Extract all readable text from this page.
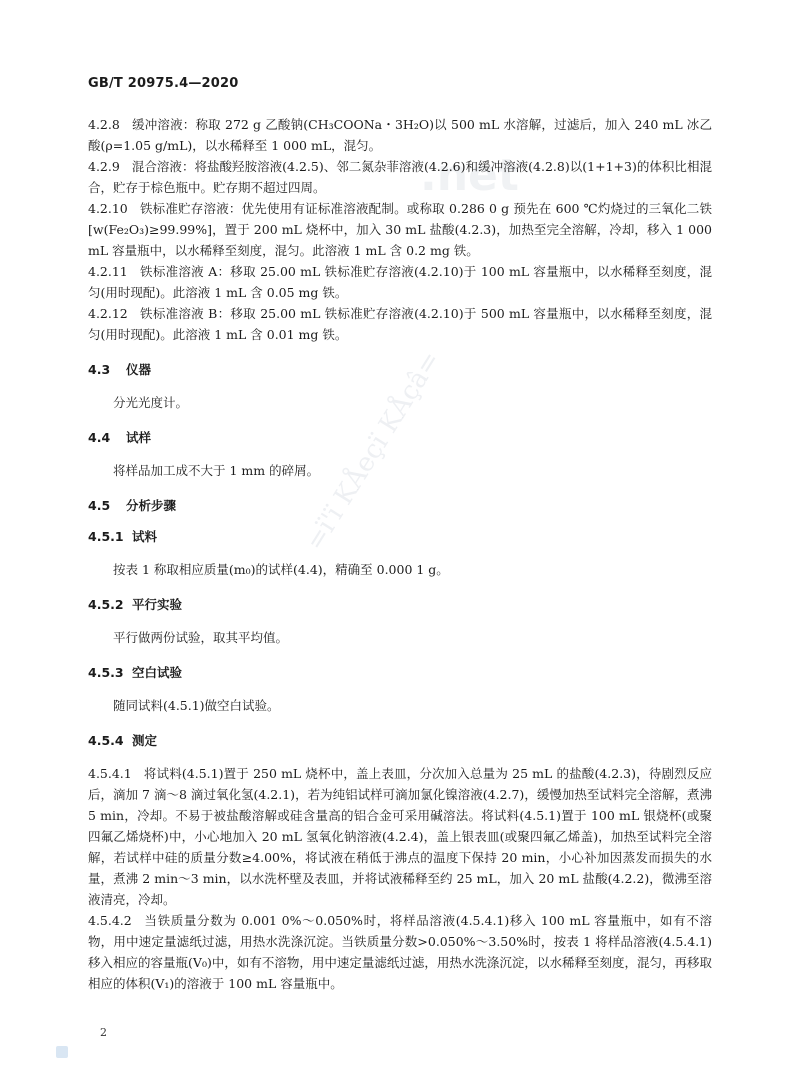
.net
=ï'ï KÅeçï KÅçâ=
GB/T 20975.4—2020

4.2.8 缓冲溶液：称取 272 g 乙酸钠(CH₃COONa・3H₂O)以 500 mL 水溶解，过滤后，加入 240 mL 冰乙酸(ρ=1.05 g/mL)，以水稀释至 1 000 mL，混匀。

4.2.9 混合溶液：将盐酸羟胺溶液(4.2.5)、邻二氮杂菲溶液(4.2.6)和缓冲溶液(4.2.8)以(1+1+3)的体积比相混合，贮存于棕色瓶中。贮存期不超过四周。

4.2.10 铁标准贮存溶液：优先使用有证标准溶液配制。或称取 0.286 0 g 预先在 600 ℃灼烧过的三氧化二铁[w(Fe₂O₃)≥99.99%]，置于 200 mL 烧杯中，加入 30 mL 盐酸(4.2.3)，加热至完全溶解，冷却，移入 1 000 mL 容量瓶中，以水稀释至刻度，混匀。此溶液 1 mL 含 0.2 mg 铁。

4.2.11 铁标准溶液 A：移取 25.00 mL 铁标准贮存溶液(4.2.10)于 100 mL 容量瓶中，以水稀释至刻度，混匀(用时现配)。此溶液 1 mL 含 0.05 mg 铁。

4.2.12 铁标准溶液 B：移取 25.00 mL 铁标准贮存溶液(4.2.10)于 500 mL 容量瓶中，以水稀释至刻度，混匀(用时现配)。此溶液 1 mL 含 0.01 mg 铁。

4.3 仪器

分光光度计。

4.4 试样

将样品加工成不大于 1 mm 的碎屑。

4.5 分析步骤

4.5.1 试料

按表 1 称取相应质量(m₀)的试样(4.4)，精确至 0.000 1 g。

4.5.2 平行实验

平行做两份试验，取其平均值。

4.5.3 空白试验

随同试料(4.5.1)做空白试验。

4.5.4 测定

4.5.4.1 将试料(4.5.1)置于 250 mL 烧杯中，盖上表皿，分次加入总量为 25 mL 的盐酸(4.2.3)，待剧烈反应后，滴加 7 滴～8 滴过氧化氢(4.2.1)，若为纯铝试样可滴加氯化镍溶液(4.2.7)，缓慢加热至试料完全溶解，煮沸 5 min，冷却。不易于被盐酸溶解或硅含量高的铝合金可采用碱溶法。将试料(4.5.1)置于 100 mL 银烧杯(或聚四氟乙烯烧杯)中，小心地加入 20 mL 氢氧化钠溶液(4.2.4)，盖上银表皿(或聚四氟乙烯盖)，加热至试料完全溶解，若试样中硅的质量分数≥4.00%，将试液在稍低于沸点的温度下保持 20 min，小心补加因蒸发而损失的水量，煮沸 2 min～3 min，以水洗杯壁及表皿，并将试液稀释至约 25 mL，加入 20 mL 盐酸(4.2.2)，微沸至溶液清亮，冷却。

4.5.4.2 当铁质量分数为 0.001 0%～0.050%时，将样品溶液(4.5.4.1)移入 100 mL 容量瓶中，如有不溶物，用中速定量滤纸过滤，用热水洗涤沉淀。当铁质量分数>0.050%～3.50%时，按表 1 将样品溶液(4.5.4.1)移入相应的容量瓶(V₀)中，如有不溶物，用中速定量滤纸过滤，用热水洗涤沉淀，以水稀释至刻度，混匀，再移取相应的体积(V₁)的溶液于 100 mL 容量瓶中。

2
